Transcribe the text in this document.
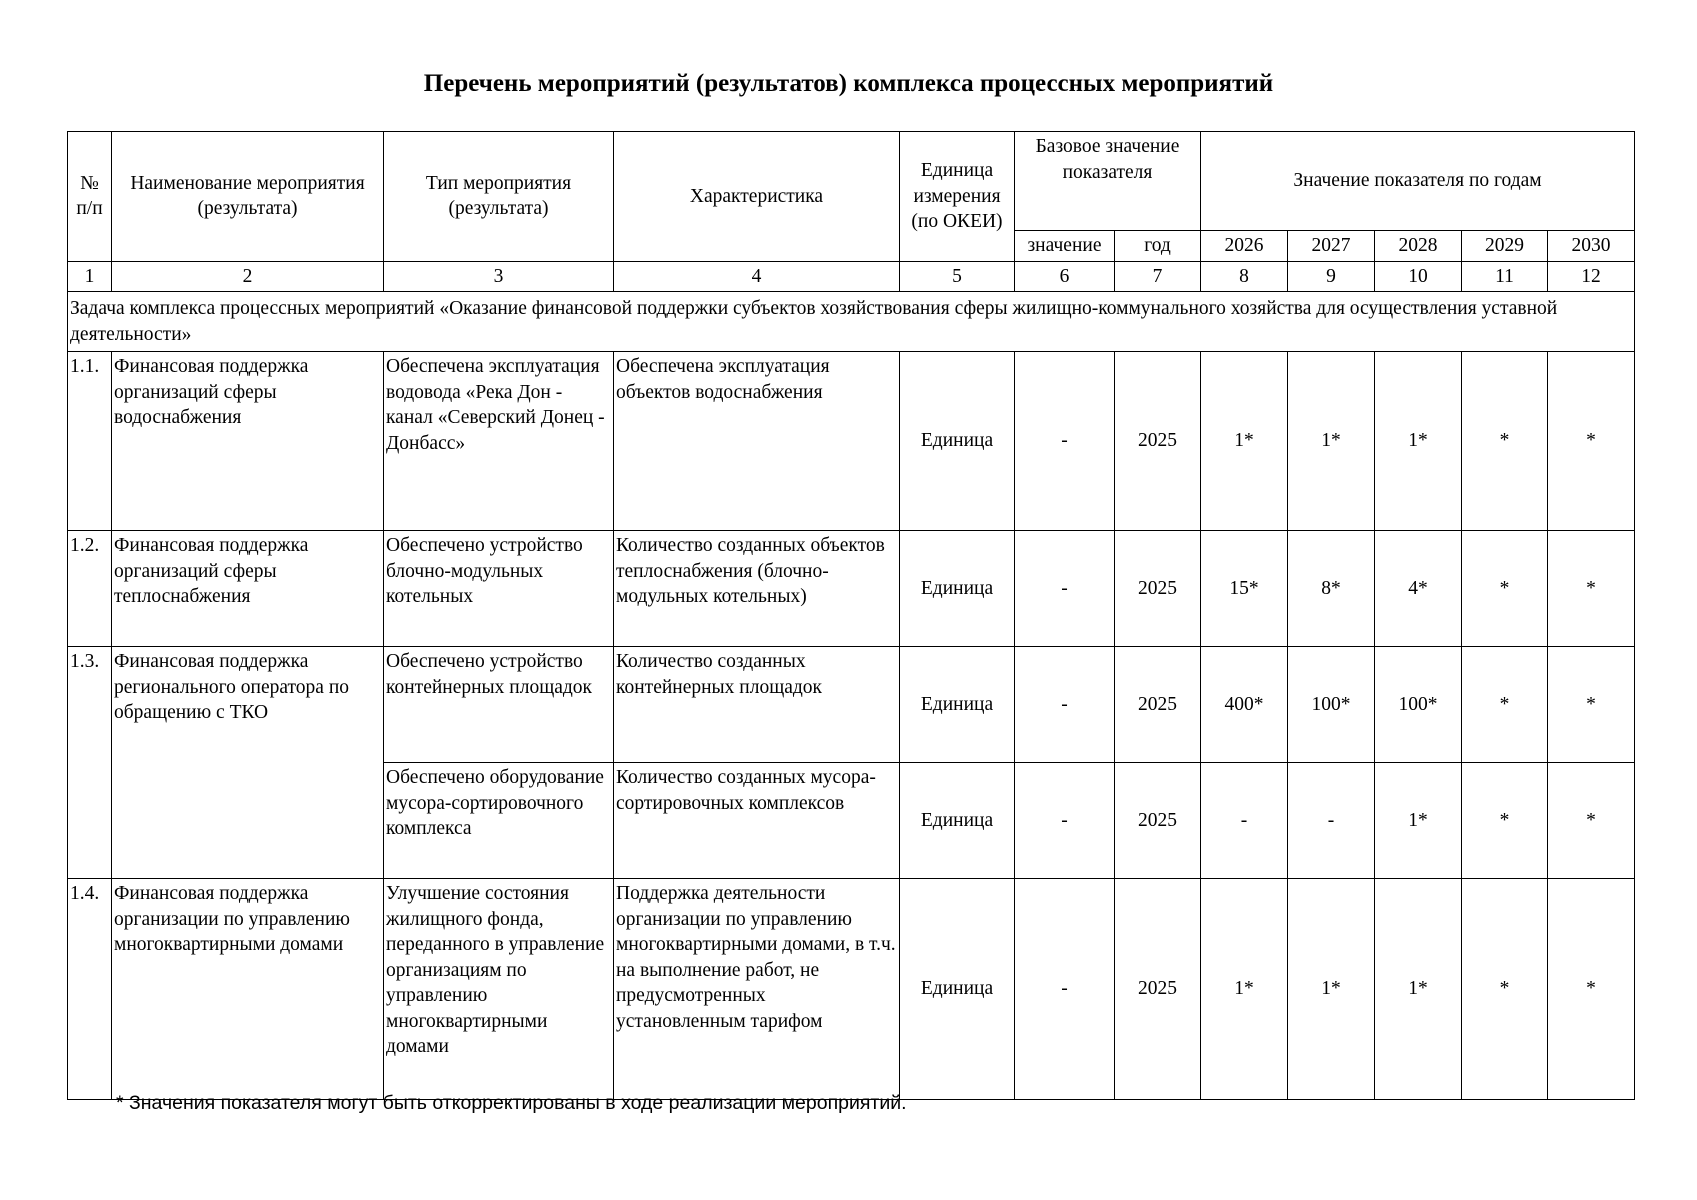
Перечень мероприятий (результатов) комплекса процессных мероприятий
№ п/п	Наименование мероприятия (результата)	Тип мероприятия (результата)	Характеристика	Единица измерения (по ОКЕИ)	Базовое значение показателя		Значение показателя по годам				
					значение	год	2026	2027	2028	2029	2030
1	2	3	4	5	6	7	8	9	10	11	12
Задача комплекса процессных мероприятий «Оказание финансовой поддержки субъектов хозяйствования сферы жилищно-коммунального хозяйства для осуществления уставной деятельности»											
1.1.	Финансовая поддержка организаций сферы водоснабжения	Обеспечена эксплуатация водовода «Река Дон - канал «Северский Донец - Донбасс»	Обеспечена эксплуатация объектов водоснабжения	Единица	-	2025	1*	1*	1*	*	*
1.2.	Финансовая поддержка организаций сферы теплоснабжения	Обеспечено устройство блочно-модульных котельных	Количество созданных объектов теплоснабжения (блочно-модульных котельных)	Единица	-	2025	15*	8*	4*	*	*
1.3.	Финансовая поддержка регионального оператора по обращению с ТКО	Обеспечено устройство контейнерных площадок	Количество созданных контейнерных площадок	Единица	-	2025	400*	100*	100*	*	*
		Обеспечено оборудование мусора-сортировочного комплекса	Количество созданных мусора-сортировочных комплексов	Единица	-	2025	-	-	1*	*	*
1.4.	Финансовая поддержка организации по управлению многоквартирными домами	Улучшение состояния жилищного фонда, переданного в управление организациям по управлению многоквартирными домами	Поддержка деятельности организации по управлению многоквартирными домами, в т.ч. на выполнение работ, не предусмотренных установленным тарифом	Единица	-	2025	1*	1*	1*	*	*
* Значения показателя могут быть откорректированы в ходе реализации мероприятий.
